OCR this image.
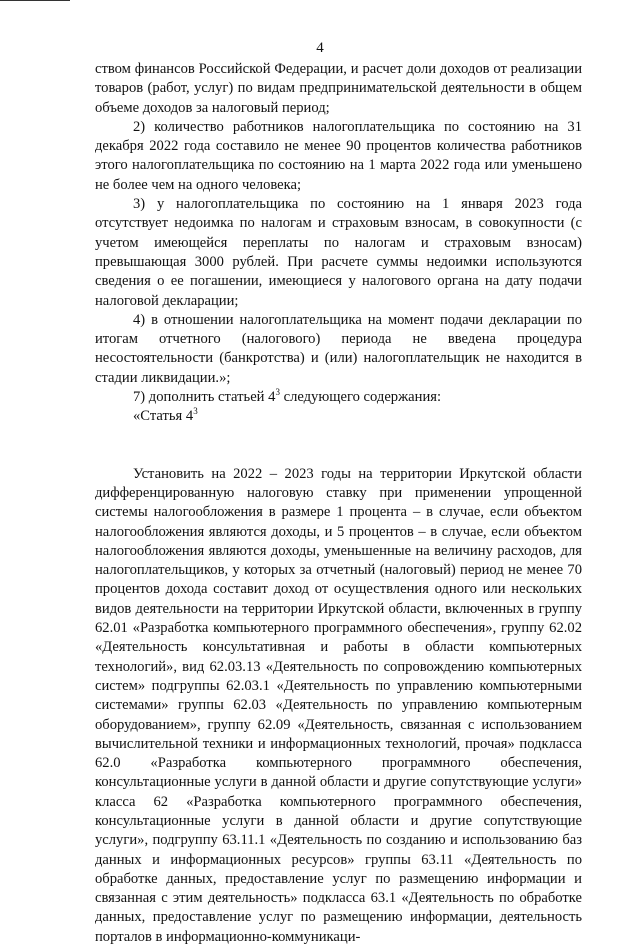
4

ством финансов Российской Федерации, и расчет доли доходов от реализации товаров (работ, услуг) по видам предпринимательской деятельности в общем объеме доходов за налоговый период;

2) количество работников налогоплательщика по состоянию на 31 декабря 2022 года составило не менее 90 процентов количества работников этого налогоплательщика по состоянию на 1 марта 2022 года или уменьшено не более чем на одного человека;

3) у налогоплательщика по состоянию на 1 января 2023 года отсутствует недоимка по налогам и страховым взносам, в совокупности (с учетом имеющейся переплаты по налогам и страховым взносам) превышающая 3000 рублей. При расчете суммы недоимки используются сведения о ее погашении, имеющиеся у налогового органа на дату подачи налоговой декларации;

4) в отношении налогоплательщика на момент подачи декларации по итогам отчетного (налогового) периода не введена процедура несостоятельности (банкротства) и (или) налогоплательщик не находится в стадии ликвидации.»;

7) дополнить статьей $4^3$ следующего содержания:

«Статья $4^3$

Установить на 2022 – 2023 годы на территории Иркутской области дифференцированную налоговую ставку при применении упрощенной системы налогообложения в размере 1 процента – в случае, если объектом налогообложения являются доходы, и 5 процентов – в случае, если объектом налогообложения являются доходы, уменьшенные на величину расходов, для налогоплательщиков, у которых за отчетный (налоговый) период не менее 70 процентов дохода составит доход от осуществления одного или нескольких видов деятельности на территории Иркутской области, включенных в группу 62.01 «Разработка компьютерного программного обеспечения», группу 62.02 «Деятельность консультативная и работы в области компьютерных технологий», вид 62.03.13 «Деятельность по сопровождению компьютерных систем» подгруппы 62.03.1 «Деятельность по управлению компьютерными системами» группы 62.03 «Деятельность по управлению компьютерным оборудованием», группу 62.09 «Деятельность, связанная с использованием вычислительной техники и информационных технологий, прочая» подкласса 62.0 «Разработка компьютерного программного обеспечения, консультационные услуги в данной области и другие сопутствующие услуги» класса 62 «Разработка компьютерного программного обеспечения, консультационные услуги в данной области и другие сопутствующие услуги», подгруппу 63.11.1 «Деятельность по созданию и использованию баз данных и информационных ресурсов» группы 63.11 «Деятельность по обработке данных, предоставление услуг по размещению информации и связанная с этим деятельность» подкласса 63.1 «Деятельность по обработке данных, предоставление услуг по размещению информации, деятельность порталов в информационно-коммуникаци-
